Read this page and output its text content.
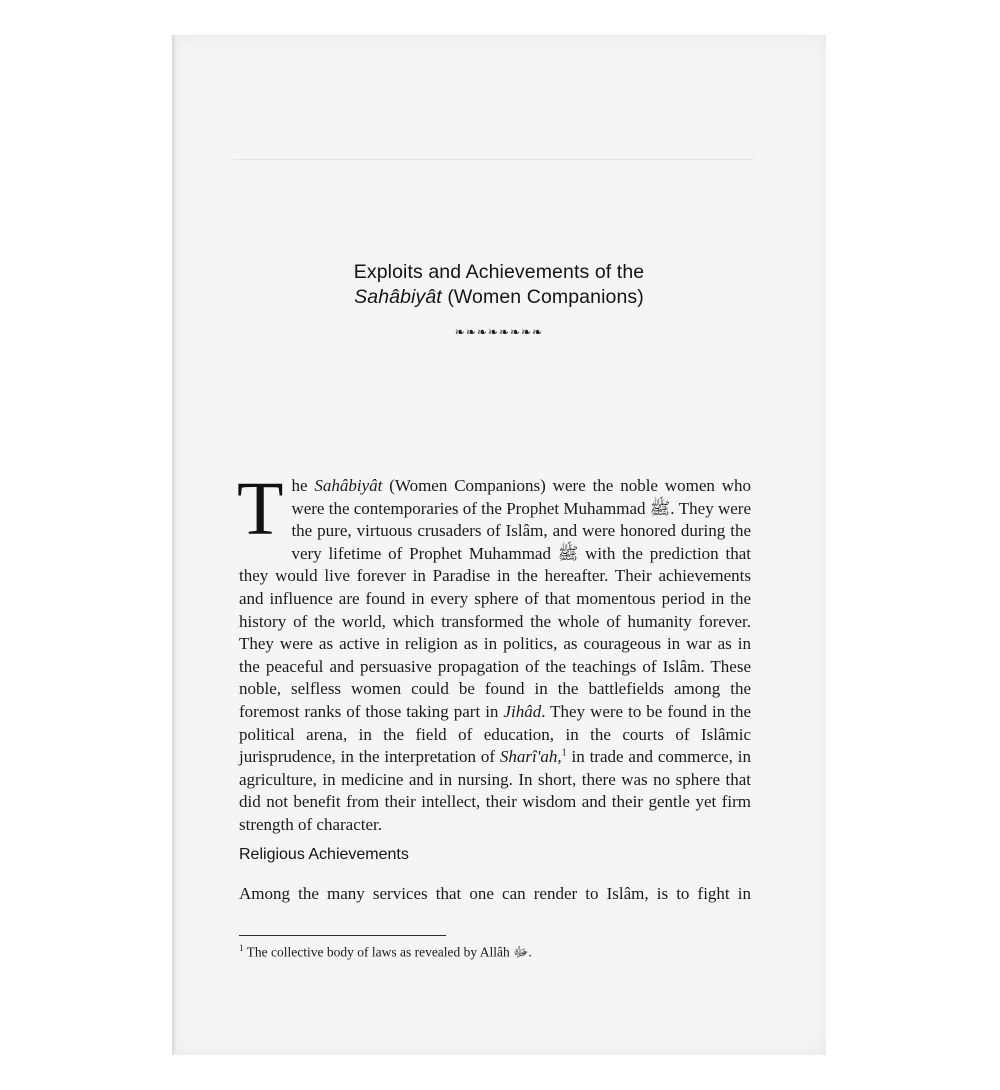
Exploits and Achievements of the
Sahâbiyât (Women Companions)
❧❧❧❧❧❧❧❧
The Sahâbiyât (Women Companions) were the noble women who were the contemporaries of the Prophet Muhammad ﷺ. They were the pure, virtuous crusaders of Islâm, and were honored during the very lifetime of Prophet Muhammad ﷺ with the prediction that they would live forever in Paradise in the hereafter. Their achievements and influence are found in every sphere of that momentous period in the history of the world, which transformed the whole of humanity forever. They were as active in religion as in politics, as courageous in war as in the peaceful and persuasive propagation of the teachings of Islâm. These noble, selfless women could be found in the battlefields among the foremost ranks of those taking part in Jihâd. They were to be found in the political arena, in the field of education, in the courts of Islâmic jurisprudence, in the interpretation of Sharî'ah,$^1$ in trade and commerce, in agriculture, in medicine and in nursing. In short, there was no sphere that did not benefit from their intellect, their wisdom and their gentle yet firm strength of character.
Religious Achievements
Among the many services that one can render to Islâm, is to fight in
$^1$ The collective body of laws as revealed by Allâh ﷻ.
